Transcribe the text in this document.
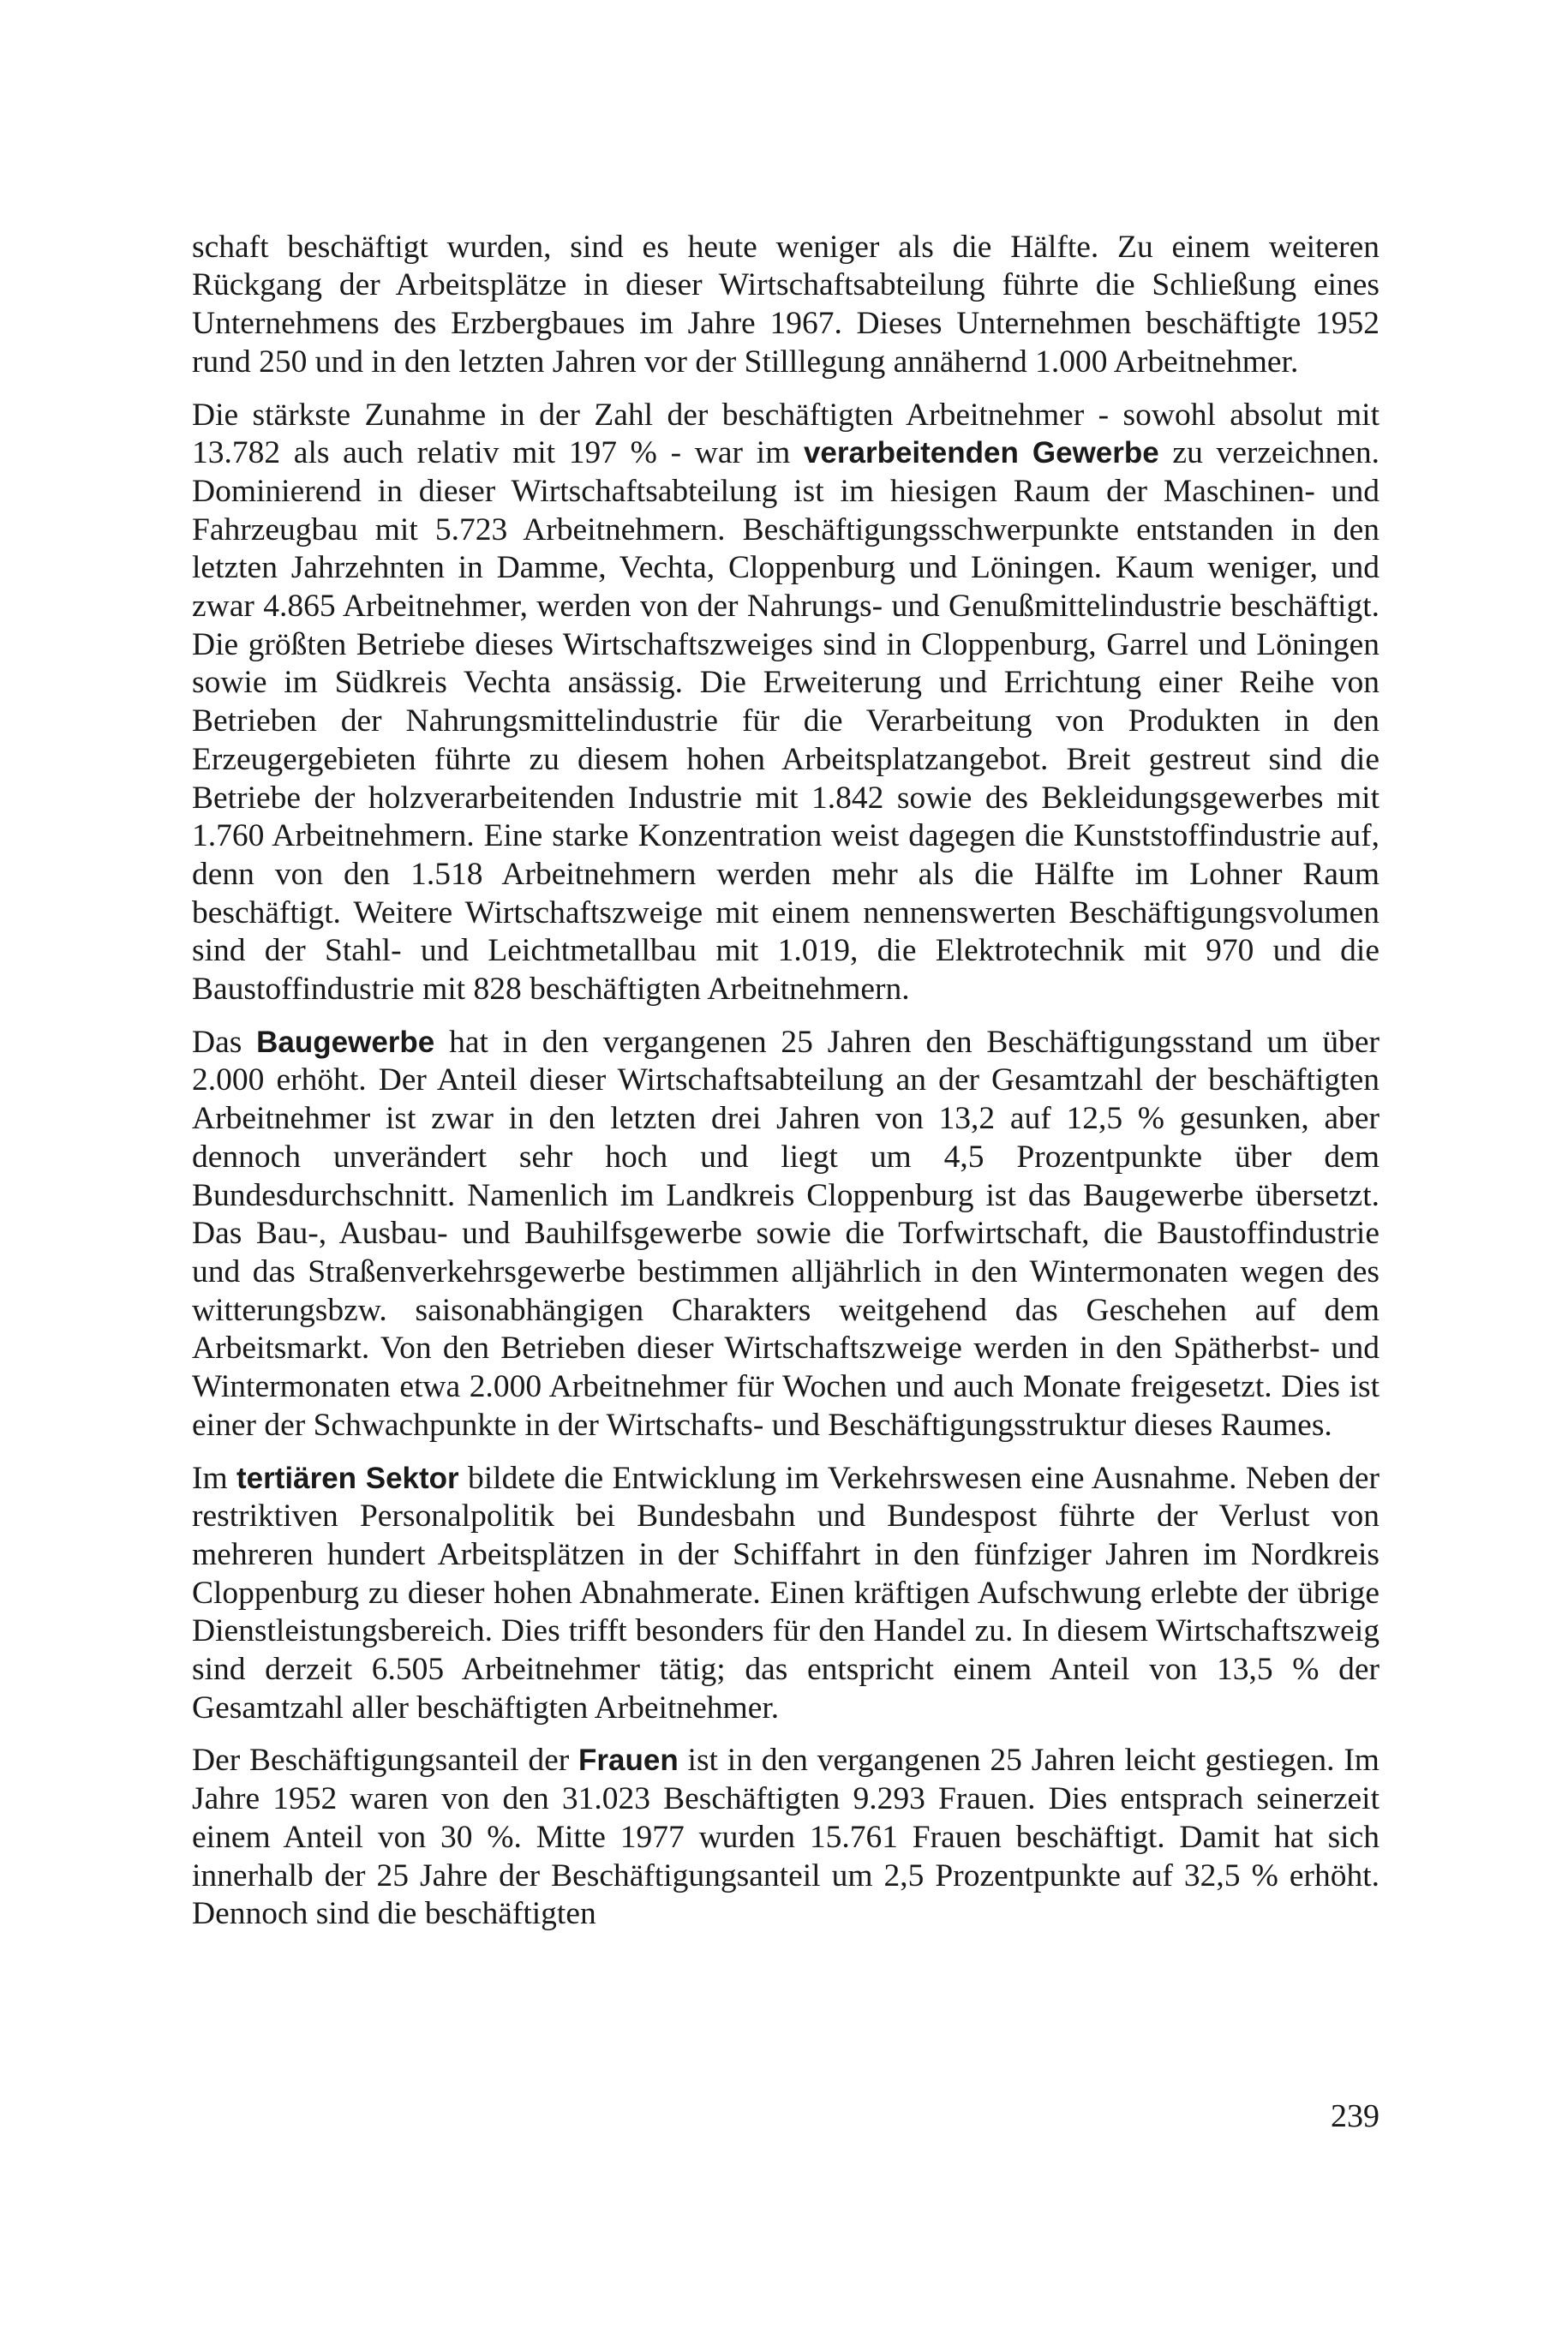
schaft beschäftigt wurden, sind es heute weniger als die Hälfte. Zu einem weiteren Rückgang der Arbeitsplätze in dieser Wirtschaftsabteilung führte die Schließung eines Unternehmens des Erzbergbaues im Jahre 1967. Dieses Unternehmen beschäftigte 1952 rund 250 und in den letzten Jahren vor der Stilllegung annähernd 1.000 Arbeitnehmer.

Die stärkste Zunahme in der Zahl der beschäftigten Arbeitnehmer - sowohl absolut mit 13.782 als auch relativ mit 197 % - war im verarbeitenden Gewerbe zu verzeichnen. Dominierend in dieser Wirtschaftsabteilung ist im hiesigen Raum der Maschinen- und Fahrzeugbau mit 5.723 Arbeitnehmern. Beschäftigungsschwerpunkte entstanden in den letzten Jahrzehnten in Damme, Vechta, Cloppenburg und Löningen. Kaum weniger, und zwar 4.865 Arbeitnehmer, werden von der Nahrungs- und Genußmittelindustrie beschäftigt. Die größten Betriebe dieses Wirtschaftszweiges sind in Cloppenburg, Garrel und Löningen sowie im Südkreis Vechta ansässig. Die Erweiterung und Errichtung einer Reihe von Betrieben der Nahrungsmittelindustrie für die Verarbeitung von Produkten in den Erzeugergebieten führte zu diesem hohen Arbeitsplatzangebot. Breit gestreut sind die Betriebe der holzverarbeitenden Industrie mit 1.842 sowie des Bekleidungsgewerbes mit 1.760 Arbeitnehmern. Eine starke Konzentration weist dagegen die Kunststoffindustrie auf, denn von den 1.518 Arbeitnehmern werden mehr als die Hälfte im Lohner Raum beschäftigt. Weitere Wirtschaftszweige mit einem nennenswerten Beschäftigungsvolumen sind der Stahl- und Leichtmetallbau mit 1.019, die Elektrotechnik mit 970 und die Baustoffindustrie mit 828 beschäftigten Arbeitnehmern.

Das Baugewerbe hat in den vergangenen 25 Jahren den Beschäftigungsstand um über 2.000 erhöht. Der Anteil dieser Wirtschaftsabteilung an der Gesamtzahl der beschäftigten Arbeitnehmer ist zwar in den letzten drei Jahren von 13,2 auf 12,5 % gesunken, aber dennoch unverändert sehr hoch und liegt um 4,5 Prozentpunkte über dem Bundesdurchschnitt. Namenlich im Landkreis Cloppenburg ist das Baugewerbe übersetzt. Das Bau-, Ausbau- und Bauhilfsgewerbe sowie die Torfwirtschaft, die Baustoffindustrie und das Straßenverkehrsgewerbe bestimmen alljährlich in den Wintermonaten wegen des witterungsbzw. saisonabhängigen Charakters weitgehend das Geschehen auf dem Arbeitsmarkt. Von den Betrieben dieser Wirtschaftszweige werden in den Spätherbst- und Wintermonaten etwa 2.000 Arbeitnehmer für Wochen und auch Monate freigesetzt. Dies ist einer der Schwachpunkte in der Wirtschafts- und Beschäftigungsstruktur dieses Raumes.

Im tertiären Sektor bildete die Entwicklung im Verkehrswesen eine Ausnahme. Neben der restriktiven Personalpolitik bei Bundesbahn und Bundespost führte der Verlust von mehreren hundert Arbeitsplätzen in der Schiffahrt in den fünfziger Jahren im Nordkreis Cloppenburg zu dieser hohen Abnahmerate. Einen kräftigen Aufschwung erlebte der übrige Dienstleistungsbereich. Dies trifft besonders für den Handel zu. In diesem Wirtschaftszweig sind derzeit 6.505 Arbeitnehmer tätig; das entspricht einem Anteil von 13,5 % der Gesamtzahl aller beschäftigten Arbeitnehmer.

Der Beschäftigungsanteil der Frauen ist in den vergangenen 25 Jahren leicht gestiegen. Im Jahre 1952 waren von den 31.023 Beschäftigten 9.293 Frauen. Dies entsprach seinerzeit einem Anteil von 30 %. Mitte 1977 wurden 15.761 Frauen beschäftigt. Damit hat sich innerhalb der 25 Jahre der Beschäftigungsanteil um 2,5 Prozentpunkte auf 32,5 % erhöht. Dennoch sind die beschäftigten

239
